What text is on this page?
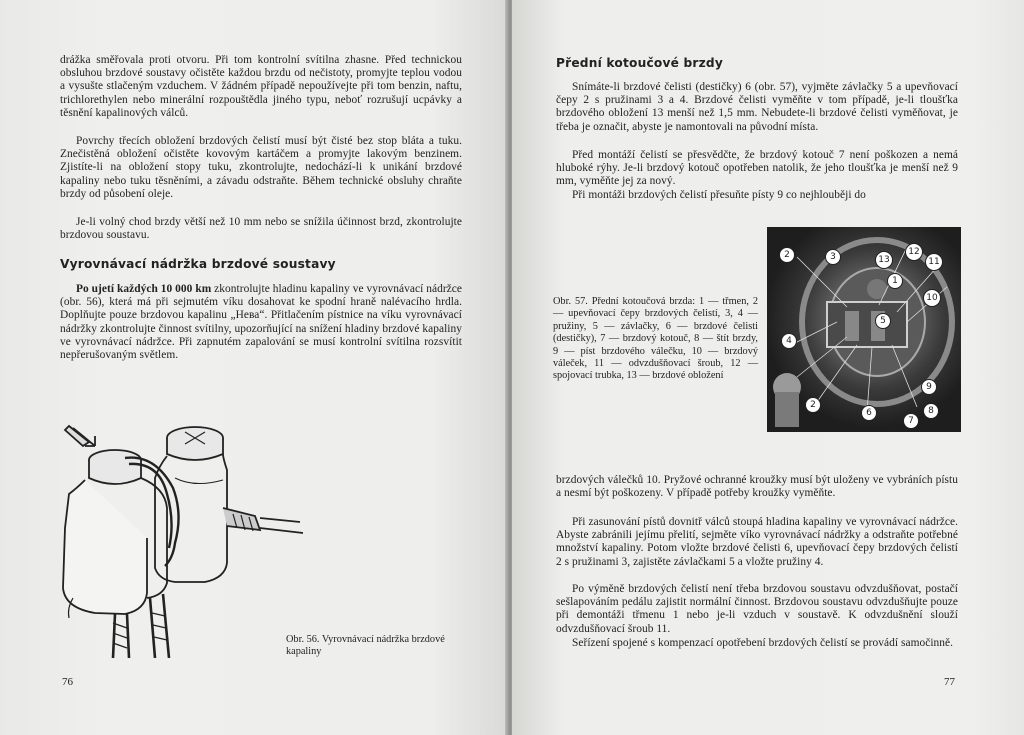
drážka směřovala proti otvoru. Při tom kontrolní svítilna zhasne. Před technickou obsluhou brzdové soustavy očistěte každou brzdu od nečistoty, promyjte teplou vodou a vysušte stlačeným vzduchem. V žádném případě nepoužívejte při tom benzin, naftu, trichlorethylen nebo minerální rozpouštědla jiného typu, neboť rozrušují ucpávky a těsnění kapalinových válců.

Povrchy třecích obložení brzdových čelistí musí být čisté bez stop bláta a tuku. Znečistěná obložení očistěte kovovým kartáčem a promyjte lakovým benzinem. Zjistíte-li na obložení stopy tuku, zkontrolujte, nedochází-li k unikání brzdové kapaliny nebo tuku těsněními, a závadu odstraňte. Během technické obsluhy chraňte brzdy od působení oleje.

Je-li volný chod brzdy větší než 10 mm nebo se snížila účinnost brzd, zkontrolujte brzdovou soustavu.

Vyrovnávací nádržka brzdové soustavy

Po ujetí každých 10 000 km zkontrolujte hladinu kapaliny ve vyrovnávací nádržce (obr. 56), která má při sejmutém víku dosahovat ke spodní hraně nalévacího hrdla. Doplňujte pouze brzdovou kapalinu „Нева“. Přitlačením pístnice na víku vyrovnávací nádržky zkontrolujte činnost svítilny, upozorňující na snížení hladiny brzdové kapaliny ve vyrovnávací nádržce. Při zapnutém zapalování se musí kontrolní svítilna rozsvítit nepřerušovaným světlem.

Obr. 56. Vyrovnávací nádržka brzdové kapaliny

76
Přední kotoučové brzdy

Snímáte-li brzdové čelisti (destičky) 6 (obr. 57), vyjměte závlačky 5 a upevňovací čepy 2 s pružinami 3 a 4. Brzdové čelisti vyměňte v tom případě, je-li tloušťka brzdového obložení 13 menší než 1,5 mm. Nebudete-li brzdové čelisti vyměňovat, je třeba je označit, abyste je namontovali na původní místa.

Před montáží čelistí se přesvědčte, že brzdový kotouč 7 není poškozen a nemá hluboké rýhy. Je-li brzdový kotouč opotřeben natolik, že jeho tloušťka je menší než 9 mm, vyměňte jej za nový.

Při montáži brzdových čelistí přesuňte písty 9 co nejhlouběji do

Obr. 57. Přední kotoučová brzda: 1 — třmen, 2 — upevňovací čepy brzdových čelistí, 3, 4 — pružiny, 5 — závlačky, 6 — brzdové čelisti (destičky), 7 — brzdový kotouč, 8 — štít brzdy, 9 — píst brzdového válečku, 10 — brzdový váleček, 11 — odvzdušňovací šroub, 12 — spojovací trubka, 13 — brzdové obložení

2	3	13
12
11
1
10
5
4
9
2
6
7
8

brzdových válečků 10. Pryžové ochranné kroužky musí být uloženy ve vybráních pístu a nesmí být poškozeny. V případě potřeby kroužky vyměňte.

Při zasunování pístů dovnitř válců stoupá hladina kapaliny ve vyrovnávací nádržce. Abyste zabránili jejímu přelití, sejměte víko vyrovnávací nádržky a odstraňte potřebné množství kapaliny. Potom vložte brzdové čelisti 6, upevňovací čepy brzdových čelistí 2 s pružinami 3, zajistěte závlačkami 5 a vložte pružiny 4.

Po výměně brzdových čelistí není třeba brzdovou soustavu odvzdušňovat, postačí sešlapováním pedálu zajistit normální činnost. Brzdovou soustavu odvzdušňujte pouze při demontáži třmenu 1 nebo je-li vzduch v soustavě. K odvzdušnění slouží odvzdušňovací šroub 11.

Seřízení spojené s kompenzací opotřebení brzdových čelistí se provádí samočinně.

77
